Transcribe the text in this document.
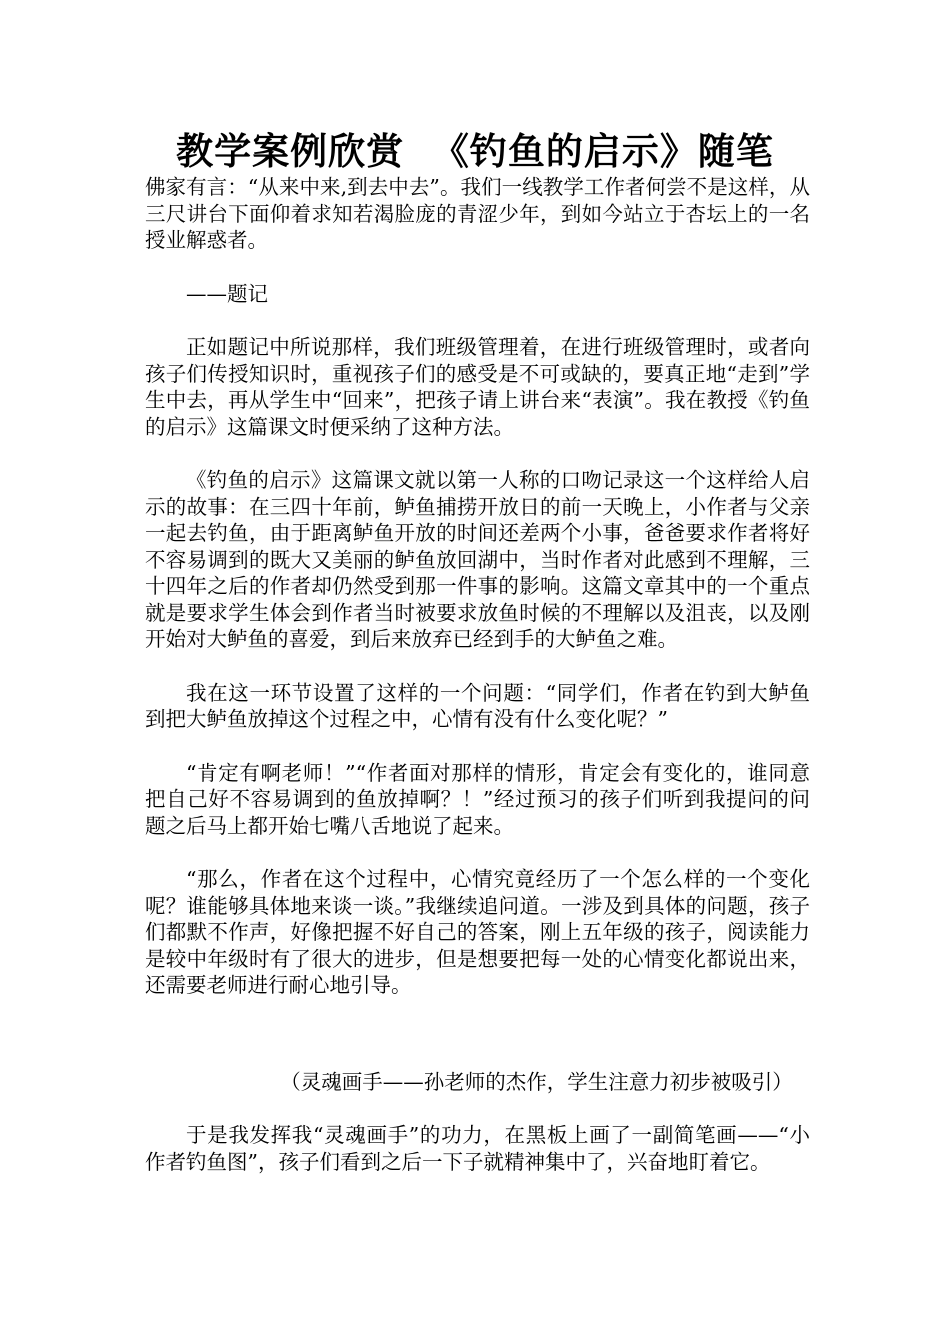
教学案例欣赏  《钓鱼的启示》随笔

佛家有言：“从来中来,到去中去”。我们一线教学工作者何尝不是这样，从三尺讲台下面仰着求知若渴脸庞的青涩少年，到如今站立于杏坛上的一名授业解惑者。

——题记

正如题记中所说那样，我们班级管理着，在进行班级管理时，或者向孩子们传授知识时，重视孩子们的感受是不可或缺的，要真正地“走到”学生中去，再从学生中“回来”，把孩子请上讲台来“表演”。我在教授《钓鱼的启示》这篇课文时便采纳了这种方法。

《钓鱼的启示》这篇课文就以第一人称的口吻记录这一个这样给人启示的故事：在三四十年前，鲈鱼捕捞开放日的前一天晚上，小作者与父亲一起去钓鱼，由于距离鲈鱼开放的时间还差两个小事，爸爸要求作者将好不容易调到的既大又美丽的鲈鱼放回湖中，当时作者对此感到不理解，三十四年之后的作者却仍然受到那一件事的影响。这篇文章其中的一个重点就是要求学生体会到作者当时被要求放鱼时候的不理解以及沮丧，以及刚开始对大鲈鱼的喜爱，到后来放弃已经到手的大鲈鱼之难。

我在这一环节设置了这样的一个问题：“同学们，作者在钓到大鲈鱼到把大鲈鱼放掉这个过程之中，心情有没有什么变化呢？”

“肯定有啊老师！”“作者面对那样的情形，肯定会有变化的，谁同意把自己好不容易调到的鱼放掉啊？！”经过预习的孩子们听到我提问的问题之后马上都开始七嘴八舌地说了起来。

“那么，作者在这个过程中，心情究竟经历了一个怎么样的一个变化呢？谁能够具体地来谈一谈。”我继续追问道。一涉及到具体的问题，孩子们都默不作声，好像把握不好自己的答案，刚上五年级的孩子，阅读能力是较中年级时有了很大的进步，但是想要把每一处的心情变化都说出来，还需要老师进行耐心地引导。

（灵魂画手——孙老师的杰作，学生注意力初步被吸引）

于是我发挥我“灵魂画手”的功力，在黑板上画了一副简笔画——“小作者钓鱼图”，孩子们看到之后一下子就精神集中了，兴奋地盯着它。
